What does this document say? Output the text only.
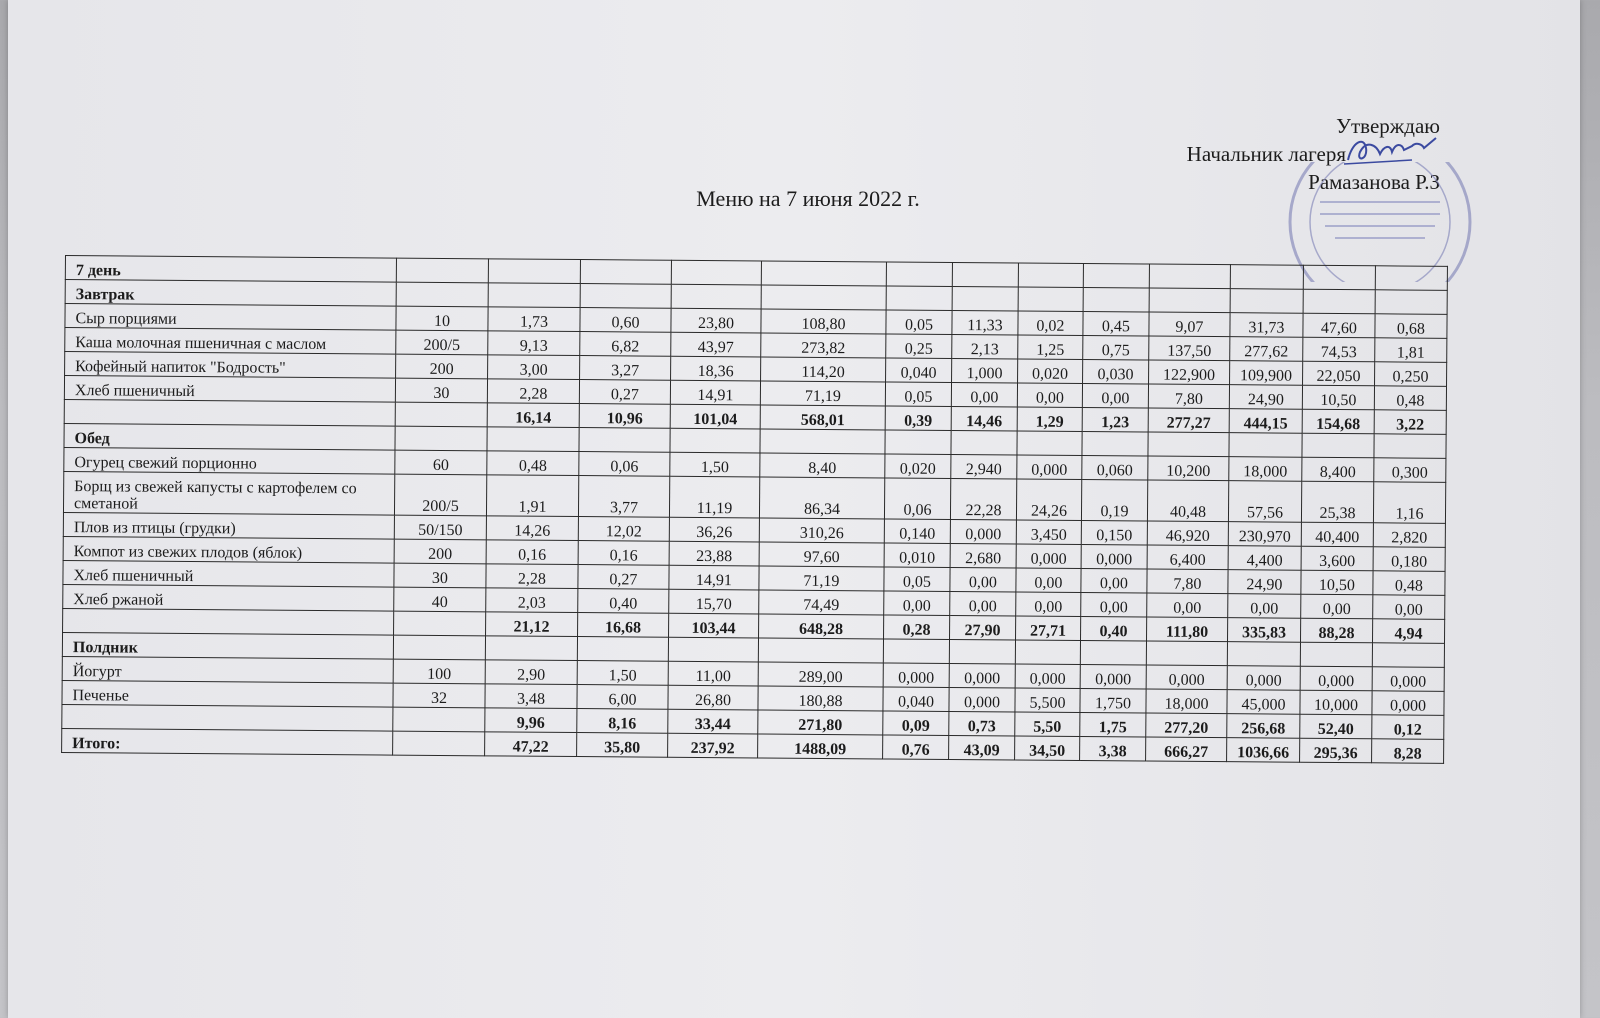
Утверждаю
Начальник лагеря
Рамазанова Р.З
Меню на 7 июня 2022 г.
7 день													
Завтрак													
Сыр порциями	10	1,73	0,60	23,80	108,80	0,05	11,33	0,02	0,45	9,07	31,73	47,60	0,68
Каша молочная пшеничная с маслом	200/5	9,13	6,82	43,97	273,82	0,25	2,13	1,25	0,75	137,50	277,62	74,53	1,81
Кофейный напиток "Бодрость"	200	3,00	3,27	18,36	114,20	0,040	1,000	0,020	0,030	122,900	109,900	22,050	0,250
Хлеб пшеничный	30	2,28	0,27	14,91	71,19	0,05	0,00	0,00	0,00	7,80	24,90	10,50	0,48
		16,14	10,96	101,04	568,01	0,39	14,46	1,29	1,23	277,27	444,15	154,68	3,22
Обед													
Огурец свежий порционно	60	0,48	0,06	1,50	8,40	0,020	2,940	0,000	0,060	10,200	18,000	8,400	0,300
Борщ из свежей капусты с картофелем со сметаной	200/5	1,91	3,77	11,19	86,34	0,06	22,28	24,26	0,19	40,48	57,56	25,38	1,16
Плов из птицы (грудки)	50/150	14,26	12,02	36,26	310,26	0,140	0,000	3,450	0,150	46,920	230,970	40,400	2,820
Компот из свежих плодов (яблок)	200	0,16	0,16	23,88	97,60	0,010	2,680	0,000	0,000	6,400	4,400	3,600	0,180
Хлеб пшеничный	30	2,28	0,27	14,91	71,19	0,05	0,00	0,00	0,00	7,80	24,90	10,50	0,48
Хлеб ржаной	40	2,03	0,40	15,70	74,49	0,00	0,00	0,00	0,00	0,00	0,00	0,00	0,00
		21,12	16,68	103,44	648,28	0,28	27,90	27,71	0,40	111,80	335,83	88,28	4,94
Полдник													
Йогурт	100	2,90	1,50	11,00	289,00	0,000	0,000	0,000	0,000	0,000	0,000	0,000	0,000
Печенье	32	3,48	6,00	26,80	180,88	0,040	0,000	5,500	1,750	18,000	45,000	10,000	0,000
		9,96	8,16	33,44	271,80	0,09	0,73	5,50	1,75	277,20	256,68	52,40	0,12
Итого:		47,22	35,80	237,92	1488,09	0,76	43,09	34,50	3,38	666,27	1036,66	295,36	8,28
